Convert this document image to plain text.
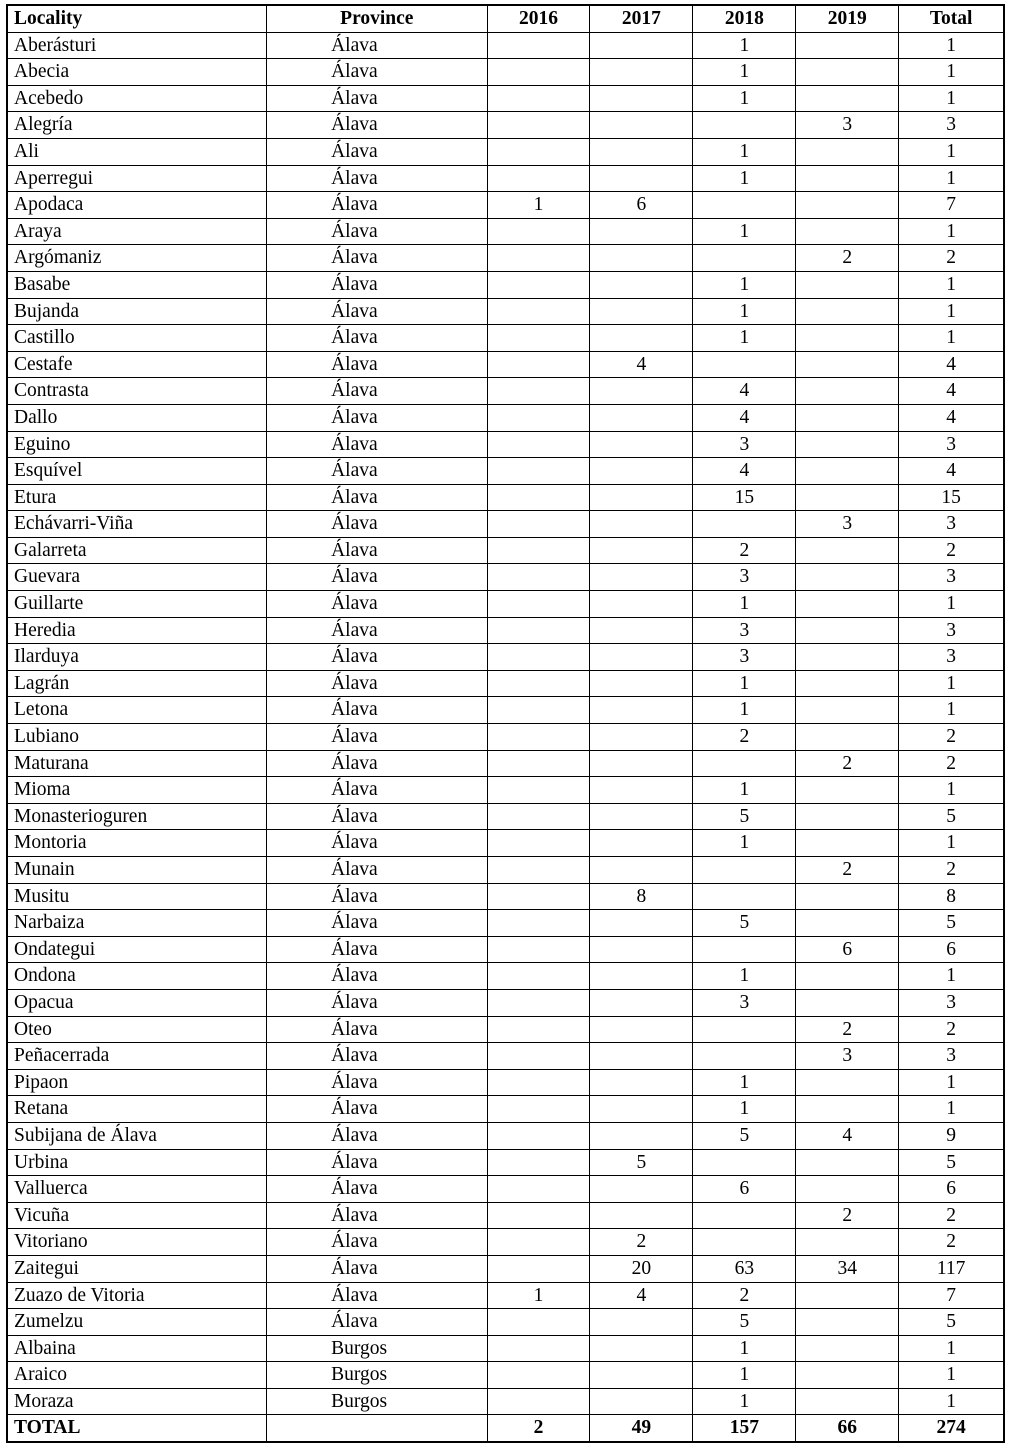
Locality	Province	2016	2017	2018	2019	Total
Aberásturi	Álava			1		1
Abecia	Álava			1		1
Acebedo	Álava			1		1
Alegría	Álava				3	3
Ali	Álava			1		1
Aperregui	Álava			1		1
Apodaca	Álava	1	6			7
Araya	Álava			1		1
Argómaniz	Álava				2	2
Basabe	Álava			1		1
Bujanda	Álava			1		1
Castillo	Álava			1		1
Cestafe	Álava		4			4
Contrasta	Álava			4		4
Dallo	Álava			4		4
Eguino	Álava			3		3
Esquível	Álava			4		4
Etura	Álava			15		15
Echávarri-Viña	Álava				3	3
Galarreta	Álava			2		2
Guevara	Álava			3		3
Guillarte	Álava			1		1
Heredia	Álava			3		3
Ilarduya	Álava			3		3
Lagrán	Álava			1		1
Letona	Álava			1		1
Lubiano	Álava			2		2
Maturana	Álava				2	2
Mioma	Álava			1		1
Monasterioguren	Álava			5		5
Montoria	Álava			1		1
Munain	Álava				2	2
Musitu	Álava		8			8
Narbaiza	Álava			5		5
Ondategui	Álava				6	6
Ondona	Álava			1		1
Opacua	Álava			3		3
Oteo	Álava				2	2
Peñacerrada	Álava				3	3
Pipaon	Álava			1		1
Retana	Álava			1		1
Subijana de Álava	Álava			5	4	9
Urbina	Álava		5			5
Valluerca	Álava			6		6
Vicuña	Álava				2	2
Vitoriano	Álava		2			2
Zaitegui	Álava		20	63	34	117
Zuazo de Vitoria	Álava	1	4	2		7
Zumelzu	Álava			5		5
Albaina	Burgos			1		1
Araico	Burgos			1		1
Moraza	Burgos			1		1
TOTAL		2	49	157	66	274
